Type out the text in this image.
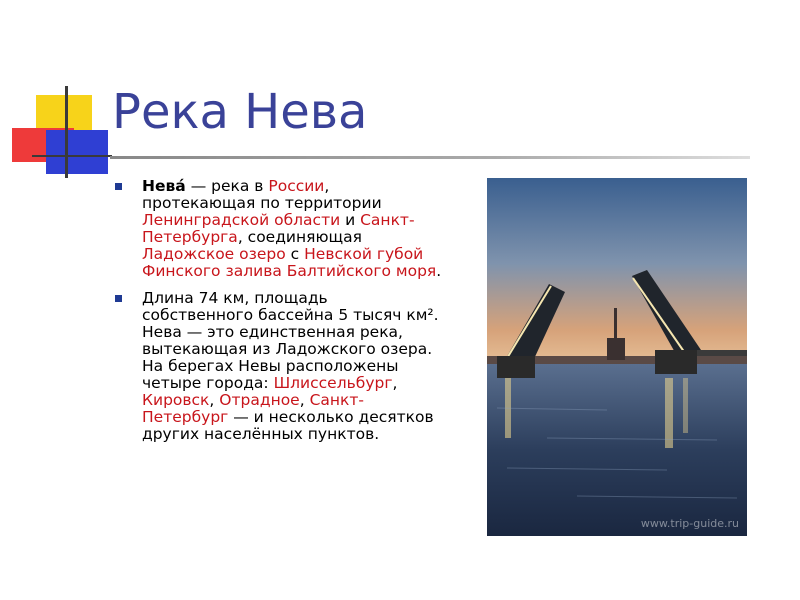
Река Нева
Нева́ — река в России, протекающая по территории Ленинградской области и Санкт-Петербурга, соединяющая Ладожское озеро с Невской губой Финского залива Балтийского моря.
Длина 74 км, площадь собственного бассейна 5 тысяч км². Нева — это единственная река, вытекающая из Ладожского озера. На берегах Невы расположены четыре города: Шлиссельбург, Кировск, Отрадное, Санкт-Петербург — и несколько десятков других населённых пунктов.
www.trip-guide.ru
